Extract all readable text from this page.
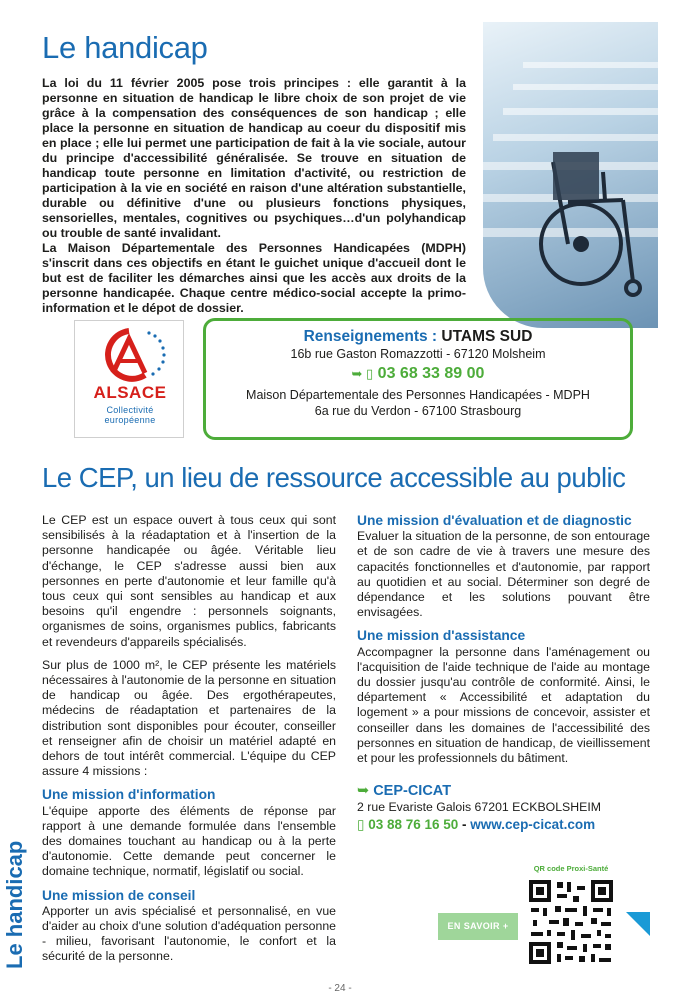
Le handicap

La loi du 11 février 2005 pose trois principes : elle garantit à la personne en situation de handicap le libre choix de son projet de vie grâce à la compensation des conséquences de son handicap ; elle place la personne en situation de handicap au coeur du dispositif mis en place ; elle lui permet une participation de fait à la vie sociale, autour du principe d'accessibilité généralisée. Se trouve en situation de handicap toute personne en limitation d'activité, ou restriction de participation à la vie en société en raison d'une altération substantielle, durable ou définitive d'une ou plusieurs fonctions physiques, sensorielles, mentales, cognitives ou psychiques…d'un polyhandicap ou trouble de santé invalidant.

La Maison Départementale des Personnes Handicapées (MDPH) s'inscrit dans ces objectifs en étant le guichet unique d'accueil dont le but est de faciliter les démarches ainsi que les accès aux droits de la personne handicapée. Chaque centre médico-social accepte la primo-information et le dépot de dossier.

ALSACE
Collectivité
européenne
Renseignements : UTAMS SUD
16b rue Gaston Romazzotti - 67120 Molsheim
➥ ▯ 03 68 33 89 00
Maison Départementale des Personnes Handicapées - MDPH
6a rue du Verdon - 67100 Strasbourg
Le CEP, un lieu de ressource accessible au public

Le CEP est un espace ouvert à tous ceux qui sont sensibilisés à la réadaptation et à l'insertion de la personne handicapée ou âgée. Véritable lieu d'échange, le CEP s'adresse aussi bien aux personnes en perte d'autonomie et leur famille qu'à tous ceux qui sont sensibles au handicap et aux besoins qu'il engendre : personnels soignants, organismes de soins, organismes publics, fabricants et revendeurs d'appareils spécialisés.

Sur plus de 1000 m², le CEP présente les matériels nécessaires à l'autonomie de la personne en situation de handicap ou âgée. Des ergothérapeutes, médecins de réadaptation et partenaires de la distribution sont disponibles pour écouter, conseiller et renseigner afin de choisir un matériel adapté en dehors de tout intérêt commercial. L'équipe du CEP assure 4 missions :

Une mission d'information

L'équipe apporte des éléments de réponse par rapport à une demande formulée dans l'ensemble des domaines touchant au handicap ou à la perte d'autonomie. Cette demande peut concerner le domaine technique, normatif, législatif ou social.

Une mission de conseil

Apporter un avis spécialisé et personnalisé, en vue d'aider au choix d'une solution d'adéquation personne - milieu, favorisant l'autonomie, le confort et la sécurité de la personne.

Une mission d'évaluation et de diagnostic

Evaluer la situation de la personne, de son entourage et de son cadre de vie à travers une mesure des capacités fonctionnelles et d'autonomie, par rapport au quotidien et au social. Déterminer son degré de dépendance et les solutions pouvant être envisagées.

Une mission d'assistance

Accompagner la personne dans l'aménagement ou l'acquisition de l'aide technique de l'aide au montage du dossier jusqu'au contrôle de conformité. Ainsi, le département « Accessibilité et adaptation du logement » a pour missions de concevoir, assister et conseiller dans les domaines de l'accessibilité des personnes en situation de handicap, de vieillissement et pour les professionnels du bâtiment.

➥ CEP-CICAT
2 rue Evariste Galois 67201 ECKBOLSHEIM
▯ 03 88 76 16 50 - www.cep-cicat.com
Le handicap	EN SAVOIR +
QR code Proxi-Santé
- 24 -
